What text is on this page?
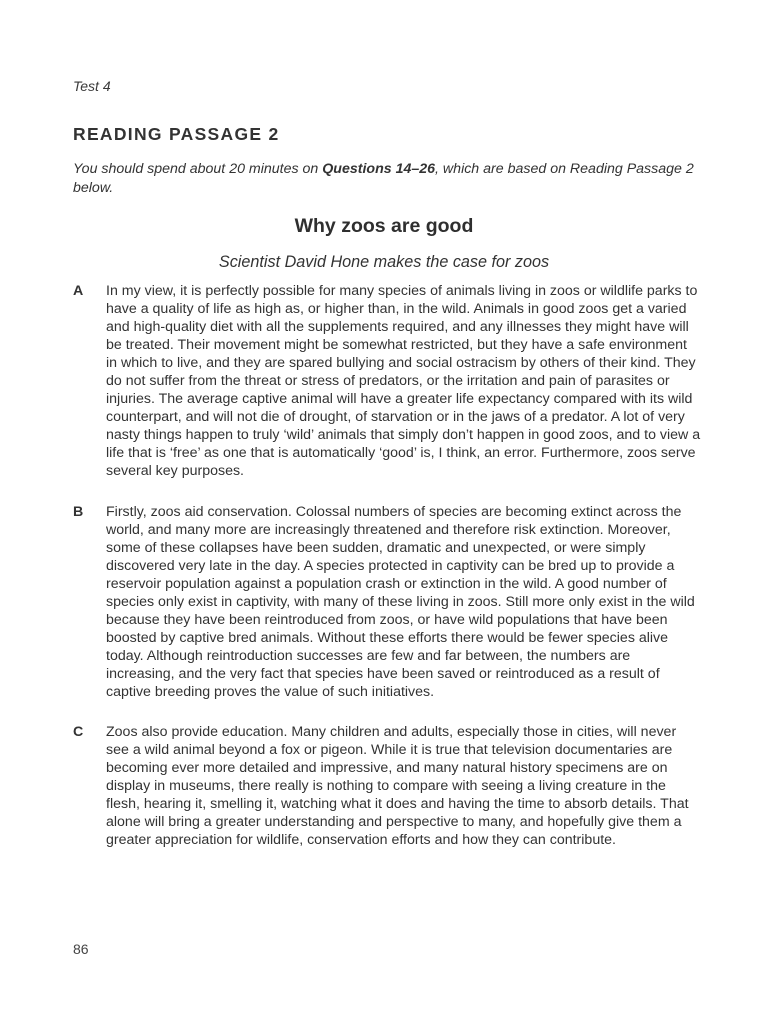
Test 4
READING PASSAGE 2
You should spend about 20 minutes on Questions 14–26, which are based on Reading Passage 2 below.
Why zoos are good
Scientist David Hone makes the case for zoos
A In my view, it is perfectly possible for many species of animals living in zoos or wildlife parks to have a quality of life as high as, or higher than, in the wild. Animals in good zoos get a varied and high-quality diet with all the supplements required, and any illnesses they might have will be treated. Their movement might be somewhat restricted, but they have a safe environment in which to live, and they are spared bullying and social ostracism by others of their kind. They do not suffer from the threat or stress of predators, or the irritation and pain of parasites or injuries. The average captive animal will have a greater life expectancy compared with its wild counterpart, and will not die of drought, of starvation or in the jaws of a predator. A lot of very nasty things happen to truly ‘wild’ animals that simply don’t happen in good zoos, and to view a life that is ‘free’ as one that is automatically ‘good’ is, I think, an error. Furthermore, zoos serve several key purposes.
B Firstly, zoos aid conservation. Colossal numbers of species are becoming extinct across the world, and many more are increasingly threatened and therefore risk extinction. Moreover, some of these collapses have been sudden, dramatic and unexpected, or were simply discovered very late in the day. A species protected in captivity can be bred up to provide a reservoir population against a population crash or extinction in the wild. A good number of species only exist in captivity, with many of these living in zoos. Still more only exist in the wild because they have been reintroduced from zoos, or have wild populations that have been boosted by captive bred animals. Without these efforts there would be fewer species alive today. Although reintroduction successes are few and far between, the numbers are increasing, and the very fact that species have been saved or reintroduced as a result of captive breeding proves the value of such initiatives.
C Zoos also provide education. Many children and adults, especially those in cities, will never see a wild animal beyond a fox or pigeon. While it is true that television documentaries are becoming ever more detailed and impressive, and many natural history specimens are on display in museums, there really is nothing to compare with seeing a living creature in the flesh, hearing it, smelling it, watching what it does and having the time to absorb details. That alone will bring a greater understanding and perspective to many, and hopefully give them a greater appreciation for wildlife, conservation efforts and how they can contribute.
86
